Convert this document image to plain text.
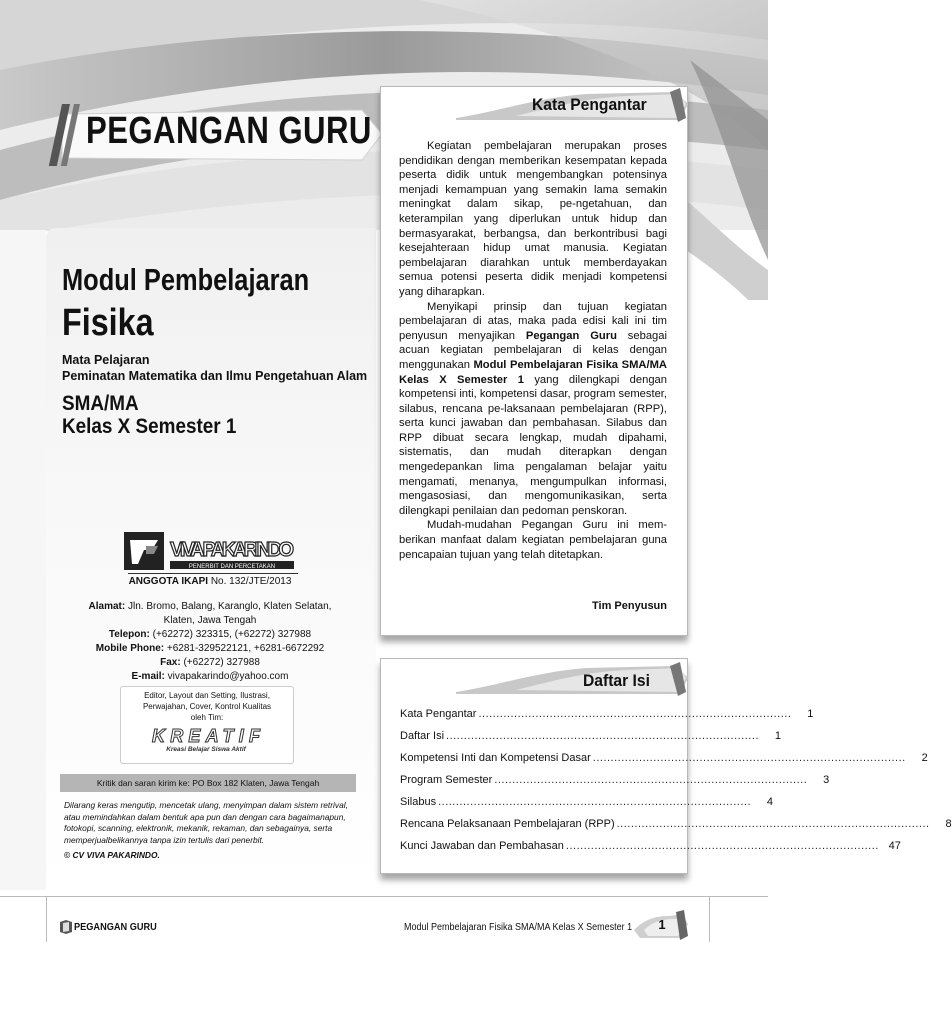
PEGANGAN GURU
Modul Pembelajaran
Fisika
Mata Pelajaran
Peminatan Matematika dan Ilmu Pengetahuan Alam
SMA/MA
Kelas X Semester 1
VIVA PAKARINDO
PENERBIT DAN PERCETAKAN
ANGGOTA IKAPI No. 132/JTE/2013
Alamat: Jln. Bromo, Balang, Karanglo, Klaten Selatan,
Klaten, Jawa Tengah
Telepon: (+62272) 323315, (+62272) 327988
Mobile Phone: +6281-329522121, +6281-6672292
Fax: (+62272) 327988
E-mail: vivapakarindo@yahoo.com
Editor, Layout dan Setting, Ilustrasi,
Perwajahan, Cover, Kontrol Kualitas
oleh Tim:
KREATIF
Kreasi Belajar Siswa Aktif
Kritik dan saran kirim ke: PO Box 182 Klaten, Jawa Tengah
Dilarang keras mengutip, mencetak ulang, menyimpan dalam sistem retrival, atau memindahkan dalam bentuk apa pun dan dengan cara bagaimanapun, fotokopi, scanning, elektronik, mekanik, rekaman, dan sebagainya, serta memperjualbelikannya tanpa izin tertulis dari penerbit.
© CV VIVA PAKARINDO.
Kata Pengantar

Kegiatan pembelajaran merupakan proses pendidikan dengan memberikan kesempatan kepada peserta didik untuk mengembangkan potensinya menjadi kemampuan yang semakin lama semakin meningkat dalam sikap, pe-ngetahuan, dan keterampilan yang diperlukan untuk hidup dan bermasyarakat, berbangsa, dan berkontribusi bagi kesejahteraan hidup umat manusia. Kegiatan pembelajaran diarahkan untuk memberdayakan semua potensi peserta didik menjadi kompetensi yang diharapkan.

Menyikapi prinsip dan tujuan kegiatan pembelajaran di atas, maka pada edisi kali ini tim penyusun menyajikan Pegangan Guru sebagai acuan kegiatan pembelajaran di kelas dengan menggunakan Modul Pembelajaran Fisika SMA/MA Kelas X Semester 1 yang dilengkapi dengan kompetensi inti, kompetensi dasar, program semester, silabus, rencana pe-laksanaan pembelajaran (RPP), serta kunci jawaban dan pembahasan. Silabus dan RPP dibuat secara lengkap, mudah dipahami, sistematis, dan mudah diterapkan dengan mengedepankan lima pengalaman belajar yaitu mengamati, menanya, mengumpulkan informasi, mengasosiasi, dan mengomunikasikan, serta dilengkapi penilaian dan pedoman penskoran.

Mudah-mudahan Pegangan Guru ini mem-berikan manfaat dalam kegiatan pembelajaran guna pencapaian tujuan yang telah ditetapkan.

Tim Penyusun
Daftar Isi
Kata Pengantar ........................................................................................	1
Daftar Isi ........................................................................................	1
Kompetensi Inti dan Kompetensi Dasar ........................................................................................	2
Program Semester ........................................................................................	3
Silabus ........................................................................................	4
Rencana Pelaksanaan Pembelajaran (RPP) ........................................................................................	8
Kunci Jawaban dan Pembahasan ........................................................................................ 47
PEGANGAN GURU	Modul Pembelajaran Fisika SMA/MA Kelas X Semester 1	1
